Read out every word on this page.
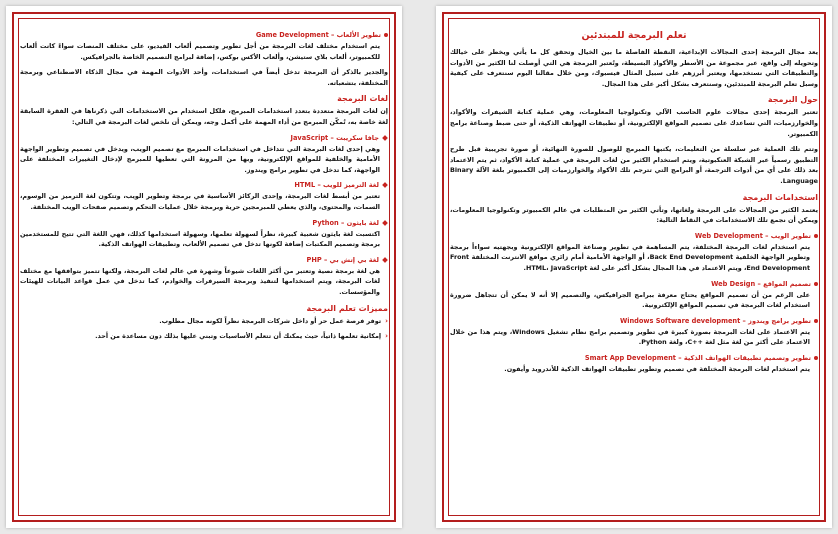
تطوير الألعاب – Game Development

يتم استخدام مختلف لغات البرمجة من أجل تطوير وتصميم ألعاب الفيديو، على مختلف المنصات سواءً كانت ألعاب للكمبيوتر، ألعاب بلاي ستيشن، وألعاب الأكس بوكس، إضافة لبرامج التصميم الخاصة بالجرافيكس.

والجدير بالذكر أن البرمجة تدخل أيضاً في استخدامات، وأحد الأدوات المهمة في مجال الذكاء الاصطناعي وبرمجة المختلفة، بتشعباته.

لغات البرمجة

إن لغات البرمجة متعددة بتعدد استخدامات المبرمج، فلكل استخدام من الاستخدامات التي ذكرناها في الفقرة السابقة لغة خاصة به، تُمكّن المبرمج من أداء المهمة على أكمل وجه، ويمكن أن نلخص لغات البرمجة في التالي:

جافا سكريبت – JavaScript

وهي إحدى لغات البرمجة التي تتداخل في استخدامات المبرمج مع تصميم الويب، ويدخل في تصميم وتطوير الواجهة الأمامية والخلفية للمواقع الإلكترونية، وبها من المرونة التي تعطيها للمبرمج لإدخال التغييرات المختلفة على الواجهة، كما تدخل في تطوير برامج ويندوز.

لغة الترميز للويب – HTML

تعتبر من أبسط لغات البرمجة، وإحدى الركائز الأساسية في برمجة وتطوير الويب، وتتكون لغة الترميز من الوسوم، السمات، والمحتوى، والذي يعطي للمبرمجين حرية وبرمجة خلال عمليات التحكم وتصميم صفحات الويب المختلفة.

لغة بايثون – Python

اكتسبت لغة بايثون شعبية كبيرة، نظراً لسهولة تعلمها، وسهولة استخدامها كذلك، فهي اللغة التي تتيح للمستخدمين برمجة وتصميم المكتبات إضافة لكونها تدخل في تصميم الألعاب، وتطبيقات الهواتف الذكية.

لغة بي إتش بي – PHP

هي لغة برمجة نصية وتعتبر من أكثر اللغات شيوعاً وشهرة في عالم لغات البرمجة، ولكنها تتميز بتوافقها مع مختلف لغات البرمجة، ويتم استخدامها لتنفيذ وبرمجة السيرفرات والخوادم، كما تدخل في عمل قواعد البيانات للهيئات والمؤسسات.

مميزات تعلم البرمجة
‹
توفر فرصة عمل حر أو داخل شركات البرمجة نظراً لكونه مجال مطلوب.
‹
إمكانية تعلمها ذاتياً، حيث يمكنك أن تتعلم الأساسيات وتبني عليها بذلك دون مساعدة من أحد.
تعلم البرمجة للمبتدئين

يعد مجال البرمجة إحدى المجالات الإبداعية، النقطة الفاصلة ما بين الخيال وتحقق كل ما يأتي ويخطر على خيالك وتحويله إلى واقع، عبر مجموعة من الأسطر والأكواد البسيطة، وتُعتبر البرمجة هي التي أوصلت لنا الكثير من الأدوات والتطبيقات التي نستخدمها، ويعتبر أبرزهم على سبيل المثال فيسبوك، ومن خلال مقالنا اليوم سنتعرف على كيفية وسبل تعلم البرمجة للمبتدئين، وسنتعرف بشكل أكبر على هذا المجال.

حول البرمجة

تعتبر البرمجة إحدى مجالات علوم الحاسب الآلي وتكنولوجيا المعلومات، وهي عملية كتابة الشيفرات والأكواد، والخوارزميات، التي تساعدك على تصميم المواقع الإلكترونية، أو تطبيقات الهواتف الذكية، أو حتى ضبط وصناعة برامج الكمبيوتر.

وتتم تلك العملية عبر سلسلة من التعليمات، يكتبها المبرمج للوصول للصورة النهائية، أو صورة تجريبية قبل طرح التطبيق رسمياً عبر الشبكة العنكبوتية، ويتم استخدام الكثير من لغات البرمجة في عملية كتابة الأكواد، ثم يتم الاعتماد بعد ذلك على أي من أدوات الترجمة، أو البرامج التي تترجم تلك الأكواد والخوارزميات إلى الكمبيوتر بلغة الآلة Binary Language.

استخدامات البرمجة

يعتمد الكثير من المجالات على البرمجة ولغاتها، وتأتي الكثير من المتطلبات في عالم الكمبيوتر وتكنولوجيا المعلومات، ويمكن أن نجمع تلك الاستخدامات في النقاط التالية:

تطوير الويب – Web Development

يتم استخدام لغات البرمجة المختلفة، يتم المساهمة في تطوير وصناعة المواقع الإلكترونية وبجهتيه سواءاً برمجة وتطوير الواجهة الخلفية Back End Development، أو الواجهة الأمامية أمام زائري مواقع الانترنت المختلفة Front End Development، ويتم الاعتماد في هذا المجال بشكل أكبر على لغة HTML، JavaScript.

تصميم المواقع – Web Design

على الرغم من أن تصميم المواقع يحتاج معرفة ببرامج الجرافيكس، والتصميم إلا أنه لا يمكن أن تتجاهل ضرورة استخدام لغات البرمجة في تصميم المواقع الإلكترونية.

تطوير برامج ويندوز – Windows Software development

يتم الاعتماد على لغات البرمجة بصورة كبيرة في تطوير وتصميم برامج نظام تشغيل Windows، ويتم هذا من خلال الاعتماد على أكثر من لغة مثل لغة ++C، ولغة Python.

تطوير وتصميم تطبيقات الهواتف الذكية – Smart App Development

يتم استخدام لغات البرمجة المختلفة في تصميم وتطوير تطبيقات الهواتف الذكية للأندرويد وأيفون.
